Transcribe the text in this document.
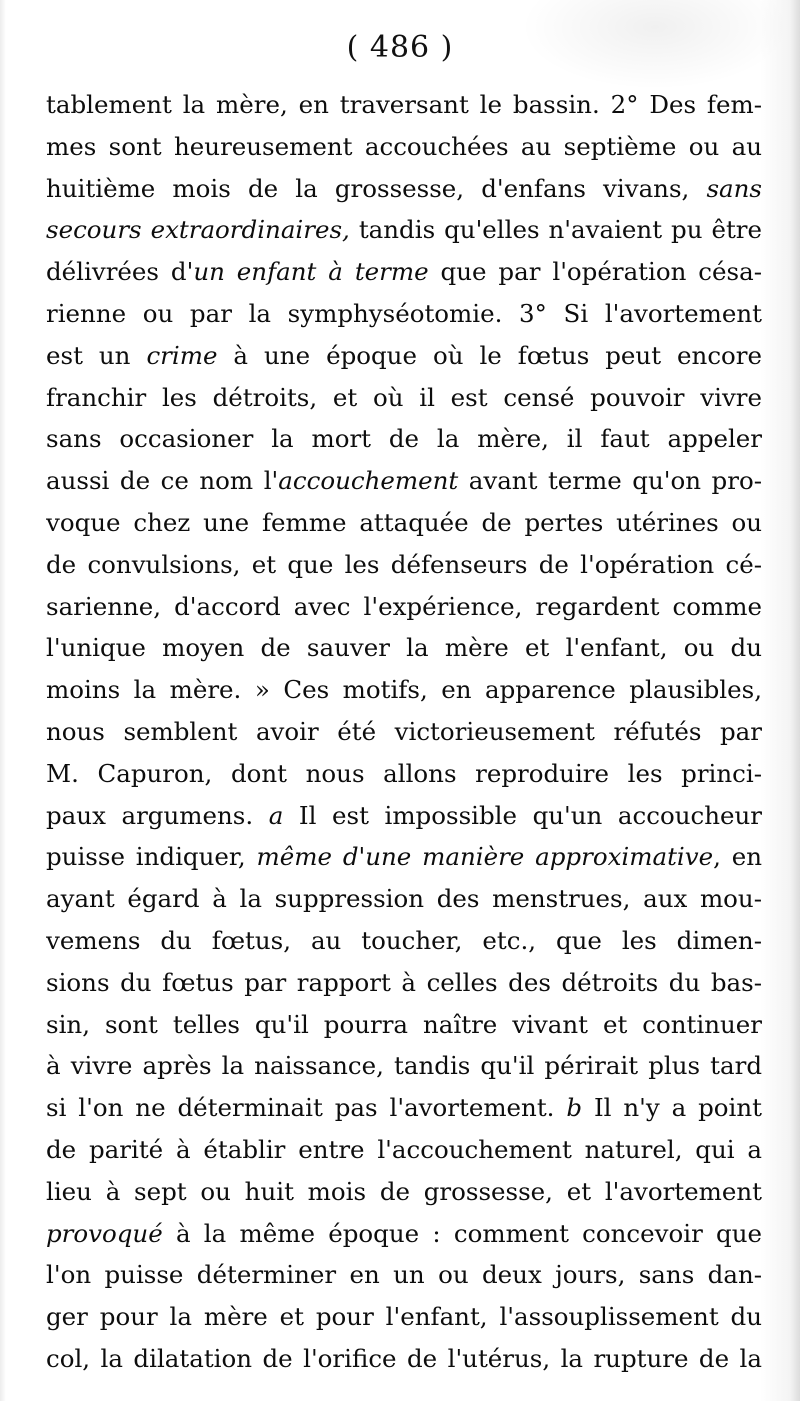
( 486 )
tablement la mère, en traversant le bassin. 2° Des fem-
mes sont heureusement accouchées au septième ou au
huitième mois de la grossesse, d'enfans vivans, sans
secours extraordinaires, tandis qu'elles n'avaient pu être
délivrées d'un enfant à terme que par l'opération césa-
rienne ou par la symphyséotomie. 3° Si l'avortement
est un crime à une époque où le fœtus peut encore
franchir les détroits, et où il est censé pouvoir vivre
sans occasioner la mort de la mère, il faut appeler
aussi de ce nom l'accouchement avant terme qu'on pro-
voque chez une femme attaquée de pertes utérines ou
de convulsions, et que les défenseurs de l'opération cé-
sarienne, d'accord avec l'expérience, regardent comme
l'unique moyen de sauver la mère et l'enfant, ou du
moins la mère. » Ces motifs, en apparence plausibles,
nous semblent avoir été victorieusement réfutés par
M. Capuron, dont nous allons reproduire les princi-
paux argumens. a Il est impossible qu'un accoucheur
puisse indiquer, même d'une manière approximative, en
ayant égard à la suppression des menstrues, aux mou-
vemens du fœtus, au toucher, etc., que les dimen-
sions du fœtus par rapport à celles des détroits du bas-
sin, sont telles qu'il pourra naître vivant et continuer
à vivre après la naissance, tandis qu'il périrait plus tard
si l'on ne déterminait pas l'avortement. b Il n'y a point
de parité à établir entre l'accouchement naturel, qui a
lieu à sept ou huit mois de grossesse, et l'avortement
provoqué à la même époque : comment concevoir que
l'on puisse déterminer en un ou deux jours, sans dan-
ger pour la mère et pour l'enfant, l'assouplissement du
col, la dilatation de l'orifice de l'utérus, la rupture de la
